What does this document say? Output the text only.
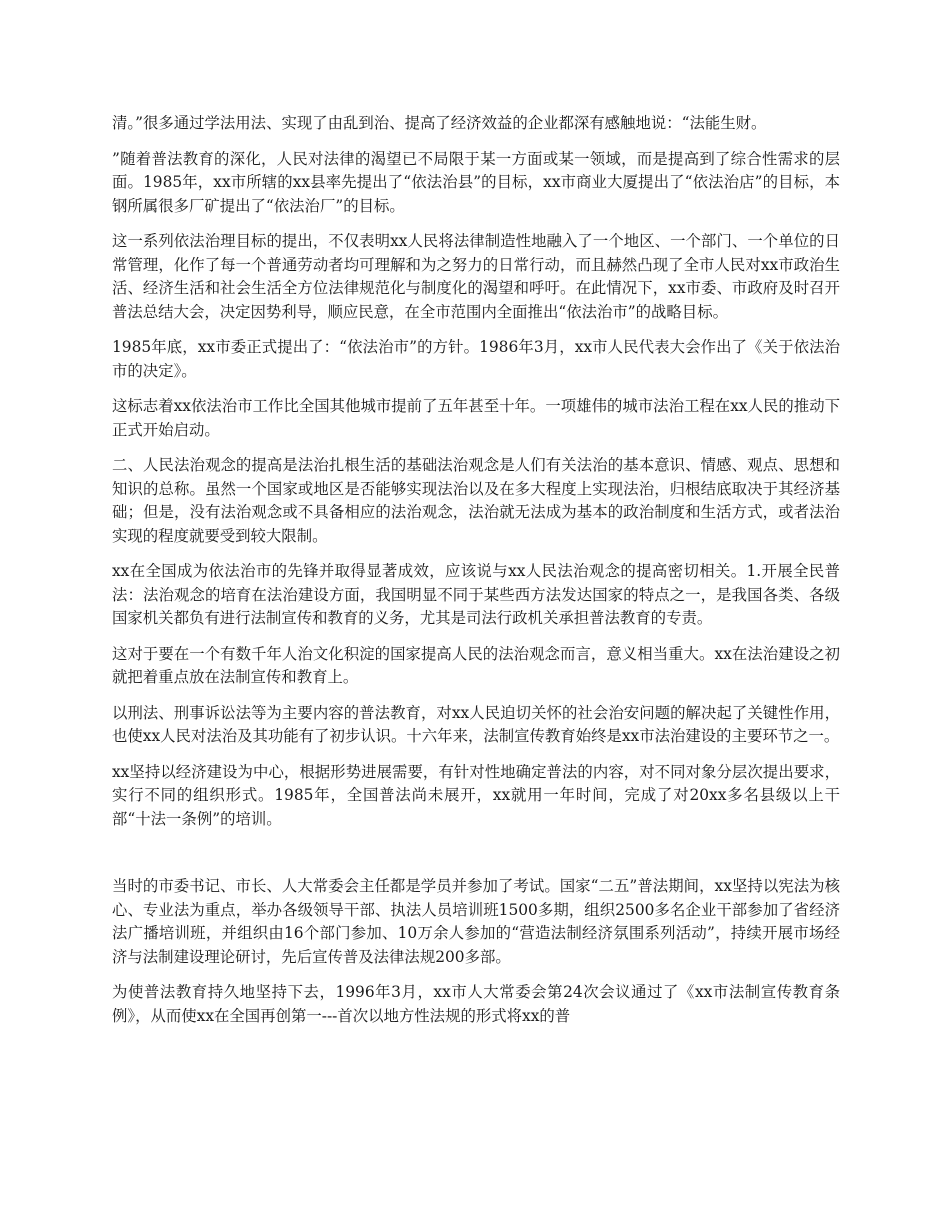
清。”很多通过学法用法、实现了由乱到治、提高了经济效益的企业都深有感触地说：“法能生财。

”随着普法教育的深化，人民对法律的渴望已不局限于某一方面或某一领域，而是提高到了综合性需求的层面。1985年，xx市所辖的xx县率先提出了“依法治县”的目标，xx市商业大厦提出了“依法治店”的目标，本钢所属很多厂矿提出了“依法治厂”的目标。

这一系列依法治理目标的提出，不仅表明xx人民将法律制造性地融入了一个地区、一个部门、一个单位的日常管理，化作了每一个普通劳动者均可理解和为之努力的日常行动，而且赫然凸现了全市人民对xx市政治生活、经济生活和社会生活全方位法律规范化与制度化的渴望和呼吁。在此情况下，xx市委、市政府及时召开普法总结大会，决定因势利导，顺应民意，在全市范围内全面推出“依法治市”的战略目标。

1985年底，xx市委正式提出了：“依法治市”的方针。1986年3月，xx市人民代表大会作出了《关于依法治市的决定》。

这标志着xx依法治市工作比全国其他城市提前了五年甚至十年。一项雄伟的城市法治工程在xx人民的推动下正式开始启动。

二、人民法治观念的提高是法治扎根生活的基础法治观念是人们有关法治的基本意识、情感、观点、思想和知识的总称。虽然一个国家或地区是否能够实现法治以及在多大程度上实现法治，归根结底取决于其经济基础；但是，没有法治观念或不具备相应的法治观念，法治就无法成为基本的政治制度和生活方式，或者法治实现的程度就要受到较大限制。

xx在全国成为依法治市的先锋并取得显著成效，应该说与xx人民法治观念的提高密切相关。1.开展全民普法：法治观念的培育在法治建设方面，我国明显不同于某些西方法发达国家的特点之一，是我国各类、各级国家机关都负有进行法制宣传和教育的义务，尤其是司法行政机关承担普法教育的专责。

这对于要在一个有数千年人治文化积淀的国家提高人民的法治观念而言，意义相当重大。xx在法治建设之初就把着重点放在法制宣传和教育上。

以刑法、刑事诉讼法等为主要内容的普法教育，对xx人民迫切关怀的社会治安问题的解决起了关键性作用，也使xx人民对法治及其功能有了初步认识。十六年来，法制宣传教育始终是xx市法治建设的主要环节之一。

xx坚持以经济建设为中心，根据形势进展需要，有针对性地确定普法的内容，对不同对象分层次提出要求，实行不同的组织形式。1985年，全国普法尚未展开，xx就用一年时间，完成了对20xx多名县级以上干部“十法一条例”的培训。

当时的市委书记、市长、人大常委会主任都是学员并参加了考试。国家“二五”普法期间，xx坚持以宪法为核心、专业法为重点，举办各级领导干部、执法人员培训班1500多期，组织2500多名企业干部参加了省经济法广播培训班，并组织由16个部门参加、10万余人参加的“营造法制经济氛围系列活动”，持续开展市场经济与法制建设理论研讨，先后宣传普及法律法规200多部。

为使普法教育持久地坚持下去，1996年3月，xx市人大常委会第24次会议通过了《xx市法制宣传教育条例》，从而使xx在全国再创第一---首次以地方性法规的形式将xx的普
